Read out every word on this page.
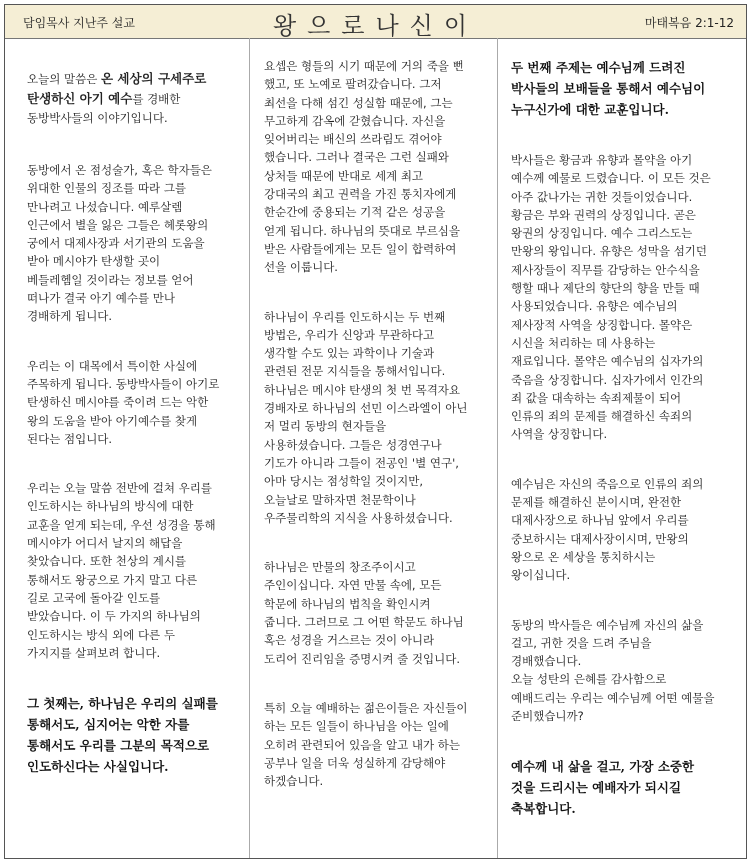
담임목사 지난주 설교	왕으로나신이	마태복음 2:1-12

오늘의 말씀은 온 세상의 구세주로
탄생하신 아기 예수를 경배한
동방박사들의 이야기입니다.

동방에서 온 점성술가, 혹은 학자들은
위대한 인물의 징조를 따라 그를
만나려고 나섰습니다. 예루살렘
인근에서 별을 잃은 그들은 헤롯왕의
궁에서 대제사장과 서기관의 도움을
받아 메시야가 탄생할 곳이
베들레헴일 것이라는 정보를 얻어
떠나가 결국 아기 예수를 만나
경배하게 됩니다.

우리는 이 대목에서 특이한 사실에
주목하게 됩니다. 동방박사들이 아기로
탄생하신 메시야를 죽이려 드는 악한
왕의 도움을 받아 아기예수를 찾게
된다는 점입니다.

우리는 오늘 말씀 전반에 걸쳐 우리를
인도하시는 하나님의 방식에 대한
교훈을 얻게 되는데, 우선 성경을 통해
메시야가 어디서 날지의 해답을
찾았습니다. 또한 천상의 계시를
통해서도 왕궁으로 가지 말고 다른
길로 고국에 돌아갈 인도를
받았습니다. 이 두 가지의 하나님의
인도하시는 방식 외에 다른 두
가지지를 살펴보려 합니다.

그 첫째는, 하나님은 우리의 실패를
통해서도, 심지어는 악한 자를
통해서도 우리를 그분의 목적으로
인도하신다는 사실입니다.

요셉은 형들의 시기 때문에 거의 죽을 뻔
했고, 또 노예로 팔려갔습니다. 그저
최선을 다해 섬긴 성실함 때문에, 그는
무고하게 감옥에 갇혔습니다. 자신을
잊어버리는 배신의 쓰라림도 겪어야
했습니다. 그러나 결국은 그런 실패와
상처들 때문에 반대로 세계 최고
강대국의 최고 권력을 가진 통치자에게
한순간에 중용되는 기적 같은 성공을
얻게 됩니다. 하나님의 뜻대로 부르심을
받은 사람들에게는 모든 일이 합력하여
선을 이룹니다.

하나님이 우리를 인도하시는 두 번째
방법은, 우리가 신앙과 무관하다고
생각할 수도 있는 과학이나 기술과
관련된 전문 지식들을 통해서입니다.
하나님은 메시야 탄생의 첫 번 목격자요
경배자로 하나님의 선민 이스라엘이 아닌
저 멀리 동방의 현자들을
사용하셨습니다. 그들은 성경연구나
기도가 아니라 그들이 전공인 '별 연구',
아마 당시는 점성학일 것이지만,
오늘날로 말하자면 천문학이나
우주물리학의 지식을 사용하셨습니다.

하나님은 만물의 창조주이시고
주인이십니다. 자연 만물 속에, 모든
학문에 하나님의 법칙을 확인시켜
줍니다. 그러므로 그 어떤 학문도 하나님
혹은 성경을 거스르는 것이 아니라
도리어 진리임을 증명시켜 줄 것입니다.

특히 오늘 예배하는 젊은이들은 자신들이
하는 모든 일들이 하나님을 아는 일에
오히려 관련되어 있음을 알고 내가 하는
공부나 일을 더욱 성실하게 감당해야
하겠습니다.

두 번째 주제는 예수님께 드려진
박사들의 보배들을 통해서 예수님이
누구신가에 대한 교훈입니다.

박사들은 황금과 유향과 몰약을 아기
예수께 예물로 드렸습니다. 이 모든 것은
아주 값나가는 귀한 것들이었습니다.
황금은 부와 권력의 상징입니다. 곧은
왕권의 상징입니다. 예수 그리스도는
만왕의 왕입니다. 유향은 성막을 섬기던
제사장들이 직무를 감당하는 안수식을
행할 때나 제단의 향단의 향을 만들 때
사용되었습니다. 유향은 예수님의
제사장적 사역을 상징합니다. 몰약은
시신을 처리하는 데 사용하는
재료입니다. 몰약은 예수님의 십자가의
죽음을 상징합니다. 십자가에서 인간의
죄 값을 대속하는 속죄제물이 되어
인류의 죄의 문제를 해결하신 속죄의
사역을 상징합니다.

예수님은 자신의 죽음으로 인류의 죄의
문제를 해결하신 분이시며, 완전한
대제사장으로 하나님 앞에서 우리를
중보하시는 대제사장이시며, 만왕의
왕으로 온 세상을 통치하시는
왕이십니다.

동방의 박사들은 예수님께 자신의 삶을
걸고, 귀한 것을 드려 주님을
경배했습니다.
오늘 성탄의 은혜를 감사함으로
예배드리는 우리는 예수님께 어떤 예물을
준비했습니까?

예수께 내 삶을 걸고, 가장 소중한
것을 드리시는 예배자가 되시길
축복합니다.
